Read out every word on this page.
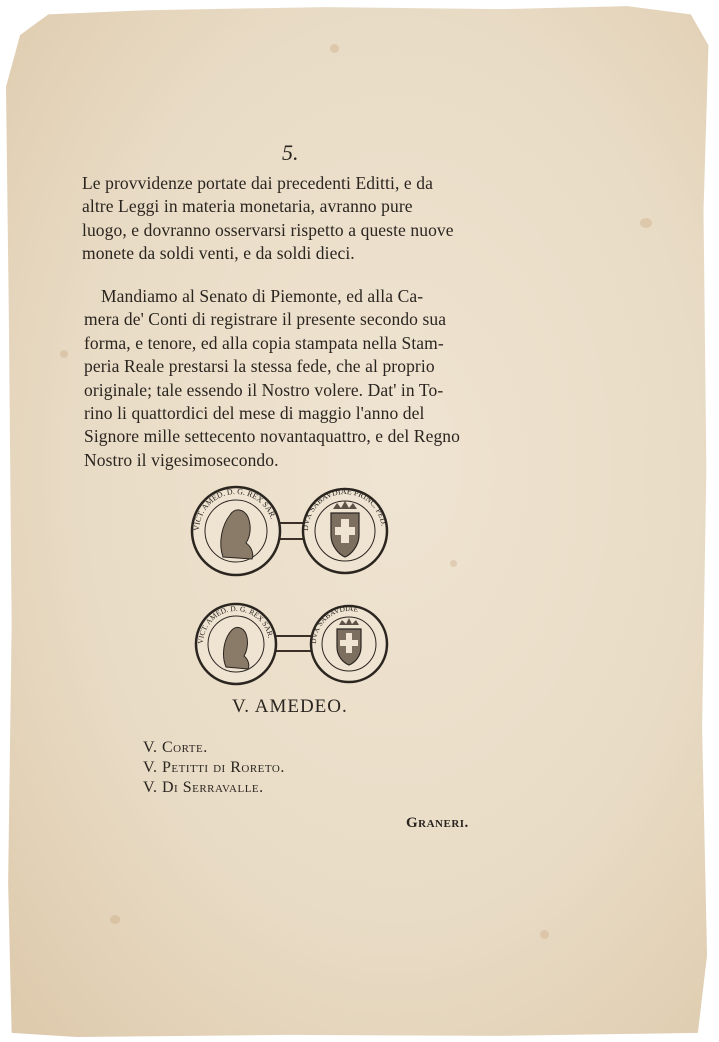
5.
Le provvidenze portate dai precedenti Editti, e da
altre Leggi in materia monetaria, avranno pure
luogo, e dovranno osservarsi rispetto a queste nuove
monete da soldi venti, e da soldi dieci.
Mandiamo al Senato di Piemonte, ed alla Ca-
mera de' Conti di registrare il presente secondo sua
forma, e tenore, ed alla copia stampata nella Stam-
peria Reale prestarsi la stessa fede, che al proprio
originale; tale essendo il Nostro volere. Dat' in To-
rino li quattordici del mese di maggio l'anno del
Signore mille settecento novantaquattro, e del Regno
Nostro il vigesimosecondo.
VICT. AMED. D. G. REX SAR.
DVX SABAVDIAE PRINC. PED.
VICT. AMED. D. G. REX SAR.
DVX SABAVDIAE
V. AMEDEO.
V. Corte.
V. Petitti di Roreto.
V. Di Serravalle.
Graneri.
